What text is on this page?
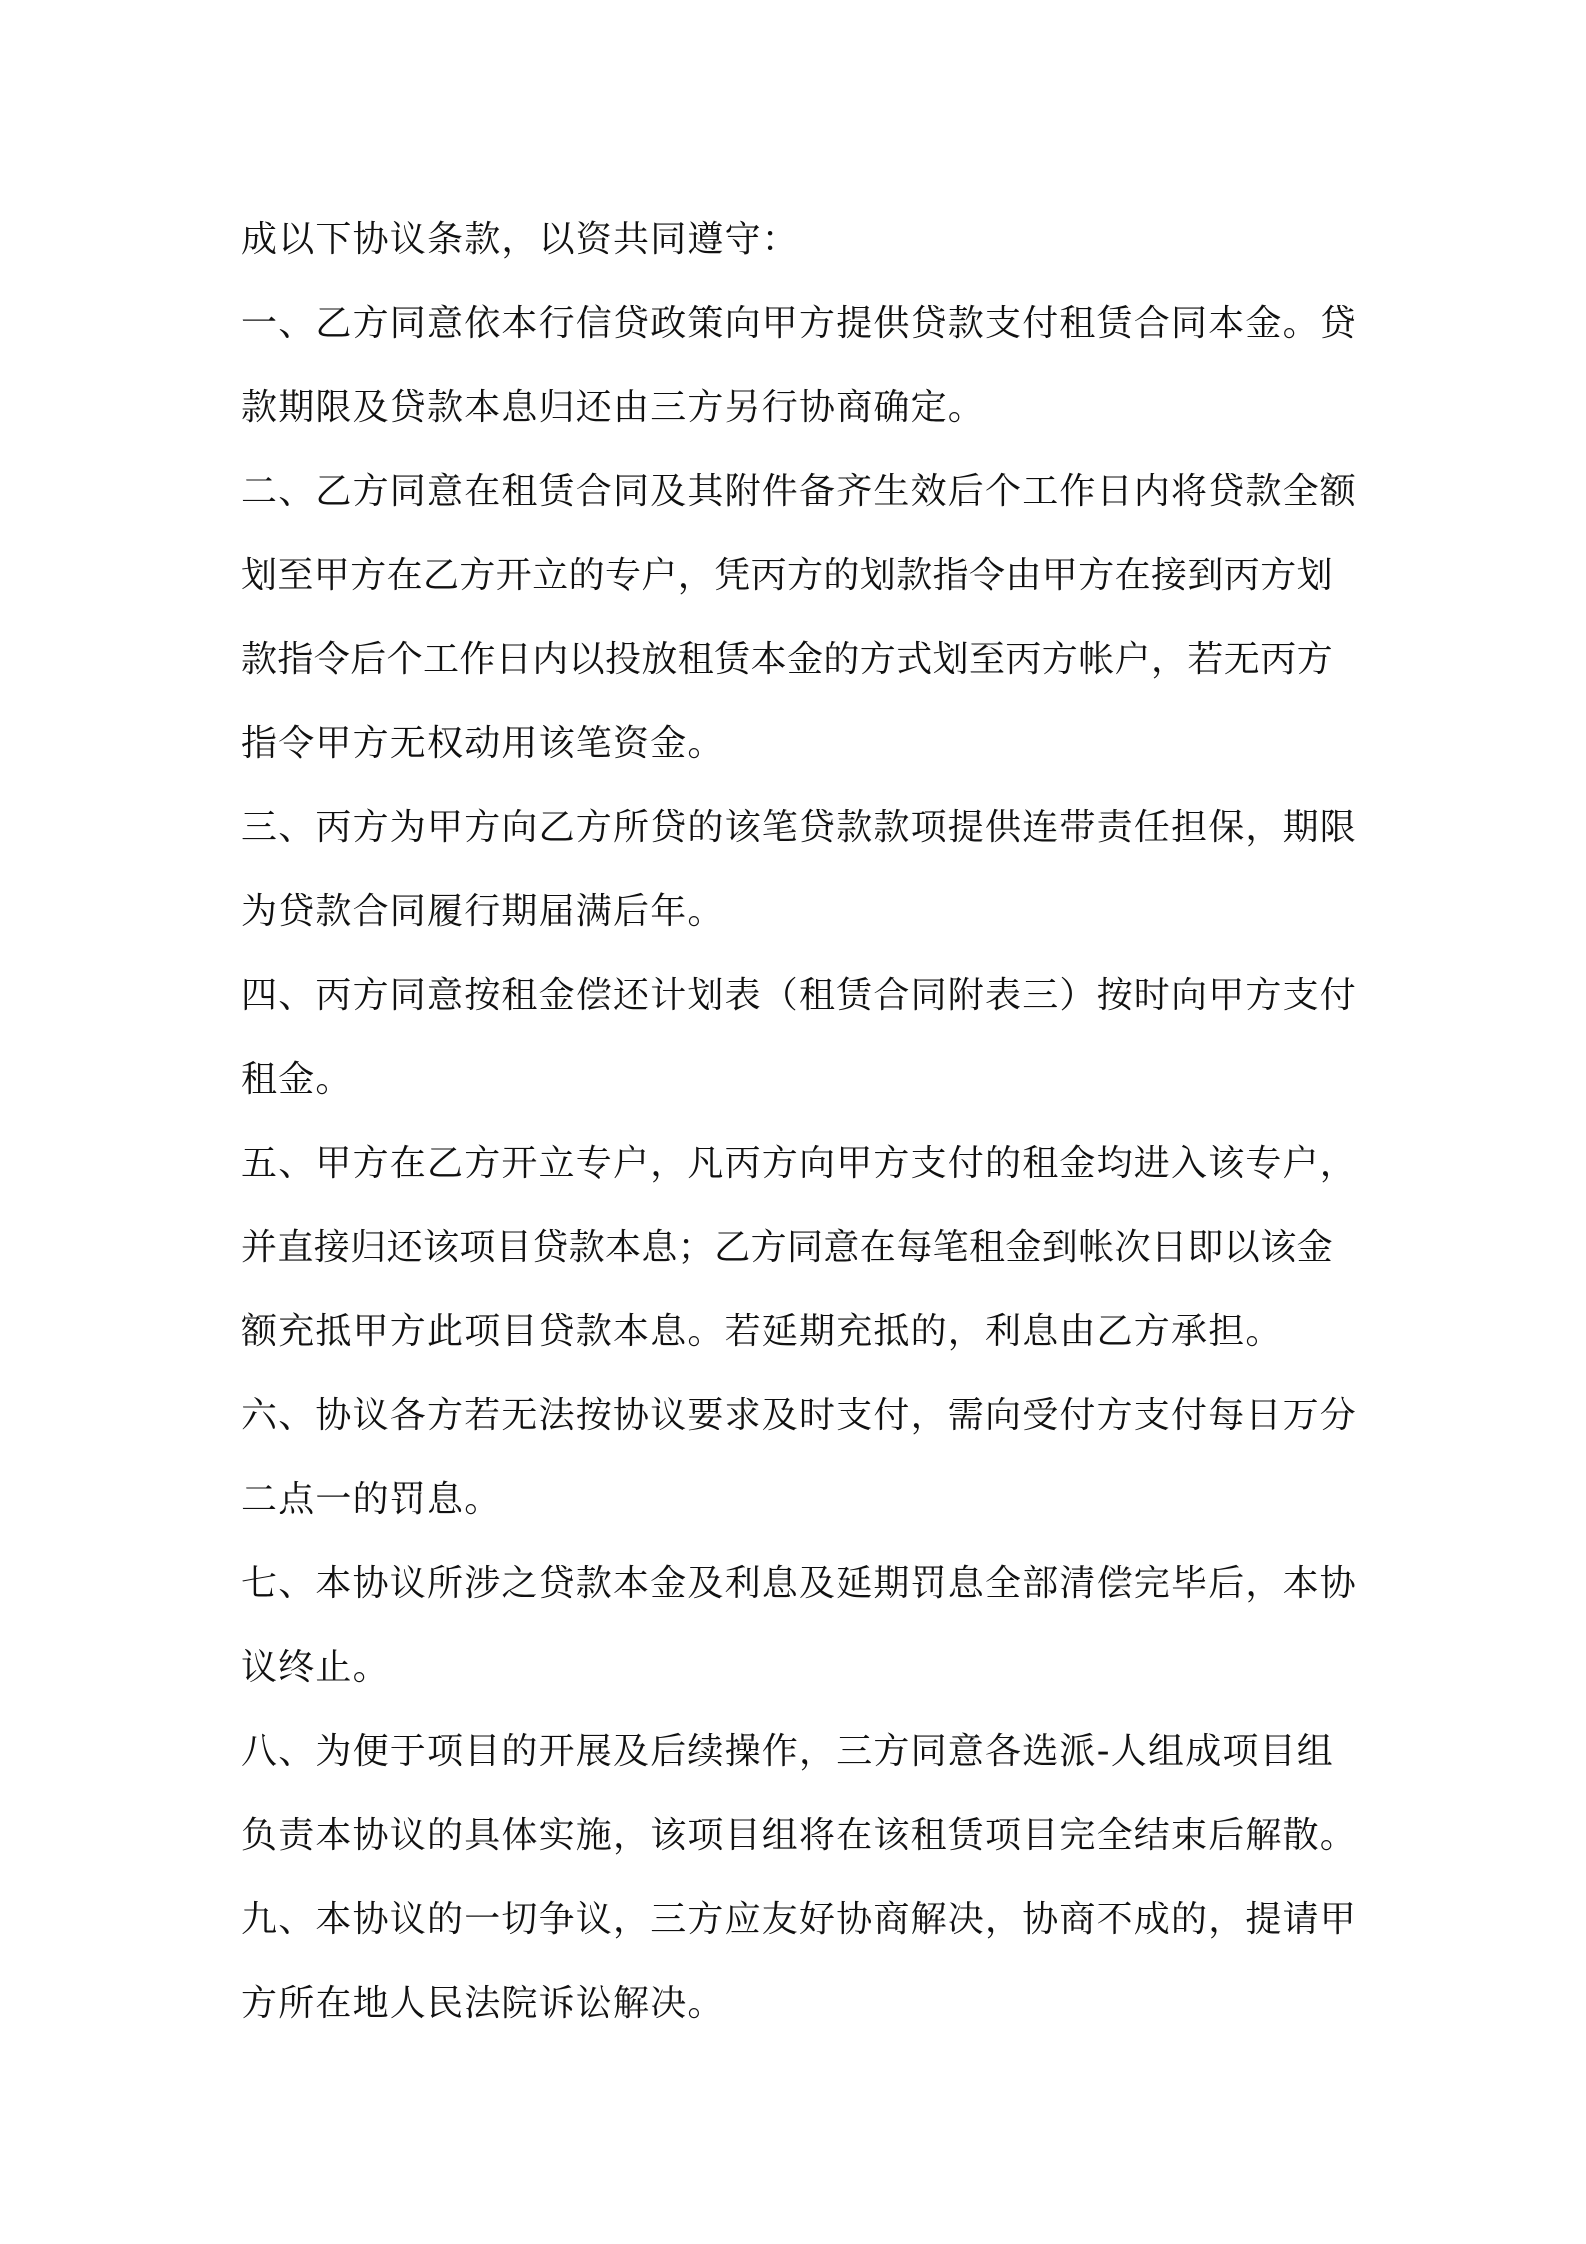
成以下协议条款，以资共同遵守：
一、乙方同意依本行信贷政策向甲方提供贷款支付租赁合同本金。贷
款期限及贷款本息归还由三方另行协商确定。
二、乙方同意在租赁合同及其附件备齐生效后个工作日内将贷款全额
划至甲方在乙方开立的专户，凭丙方的划款指令由甲方在接到丙方划
款指令后个工作日内以投放租赁本金的方式划至丙方帐户，若无丙方
指令甲方无权动用该笔资金。
三、丙方为甲方向乙方所贷的该笔贷款款项提供连带责任担保，期限
为贷款合同履行期届满后年。
四、丙方同意按租金偿还计划表（租赁合同附表三）按时向甲方支付
租金。
五、甲方在乙方开立专户，凡丙方向甲方支付的租金均进入该专户，
并直接归还该项目贷款本息；乙方同意在每笔租金到帐次日即以该金
额充抵甲方此项目贷款本息。若延期充抵的，利息由乙方承担。
六、协议各方若无法按协议要求及时支付，需向受付方支付每日万分
二点一的罚息。
七、本协议所涉之贷款本金及利息及延期罚息全部清偿完毕后，本协
议终止。
八、为便于项目的开展及后续操作，三方同意各选派-人组成项目组
负责本协议的具体实施，该项目组将在该租赁项目完全结束后解散。
九、本协议的一切争议，三方应友好协商解决，协商不成的，提请甲
方所在地人民法院诉讼解决。
